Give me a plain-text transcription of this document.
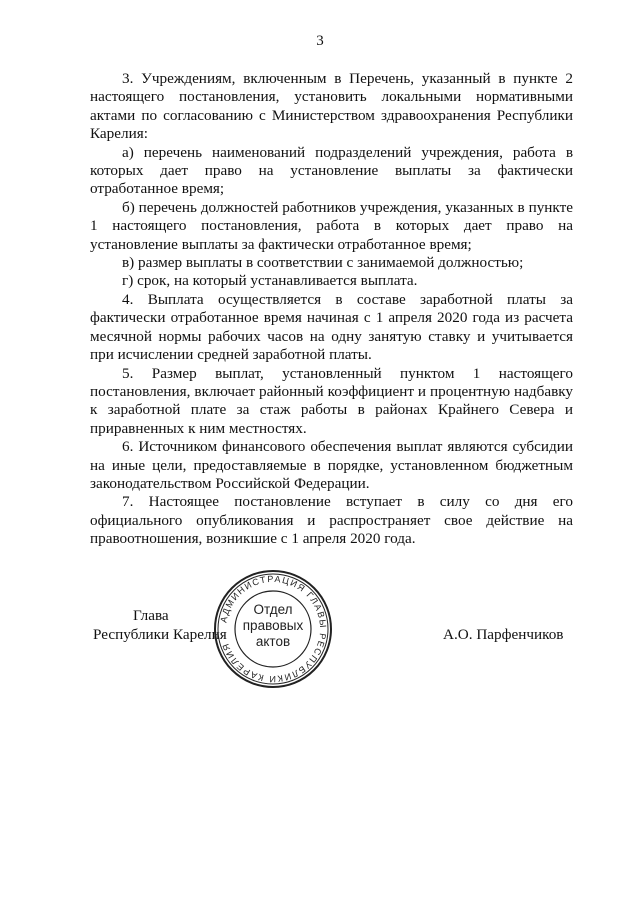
3

3. Учреждениям, включенным в Перечень, указанный в пункте 2 настоящего постановления, установить локальными нормативными актами по согласованию с Министерством здравоохранения Республики Карелия:

а) перечень наименований подразделений учреждения, работа в которых дает право на установление выплаты за фактически отработанное время;

б) перечень должностей работников учреждения, указанных в пункте 1 настоящего постановления, работа в которых дает право на установление выплаты за фактически отработанное время;

в) размер выплаты в соответствии с занимаемой должностью;

г) срок, на который устанавливается выплата.

4. Выплата осуществляется в составе заработной платы за фактически отработанное время начиная с 1 апреля 2020 года из расчета месячной нормы рабочих часов на одну занятую ставку и учитывается при исчислении средней заработной платы.

5. Размер выплат, установленный пунктом 1 настоящего постановления, включает районный коэффициент и процентную надбавку к заработной плате за стаж работы в районах Крайнего Севера и приравненных к ним местностях.

6. Источником финансового обеспечения выплат являются субсидии на иные цели, предоставляемые в порядке, установленном бюджетным законодательством Российской Федерации.

7. Настоящее постановление вступает в силу со дня его официального опубликования и распространяет свое действие на правоотношения, возникшие с 1 апреля 2020 года.

Глава
Республики Карелия	А.О. Парфенчиков
АДМИНИСТРАЦИЯ ГЛАВЫ РЕСПУБЛИКИ КАРЕЛИЯ
Отдел
правовых
актов
